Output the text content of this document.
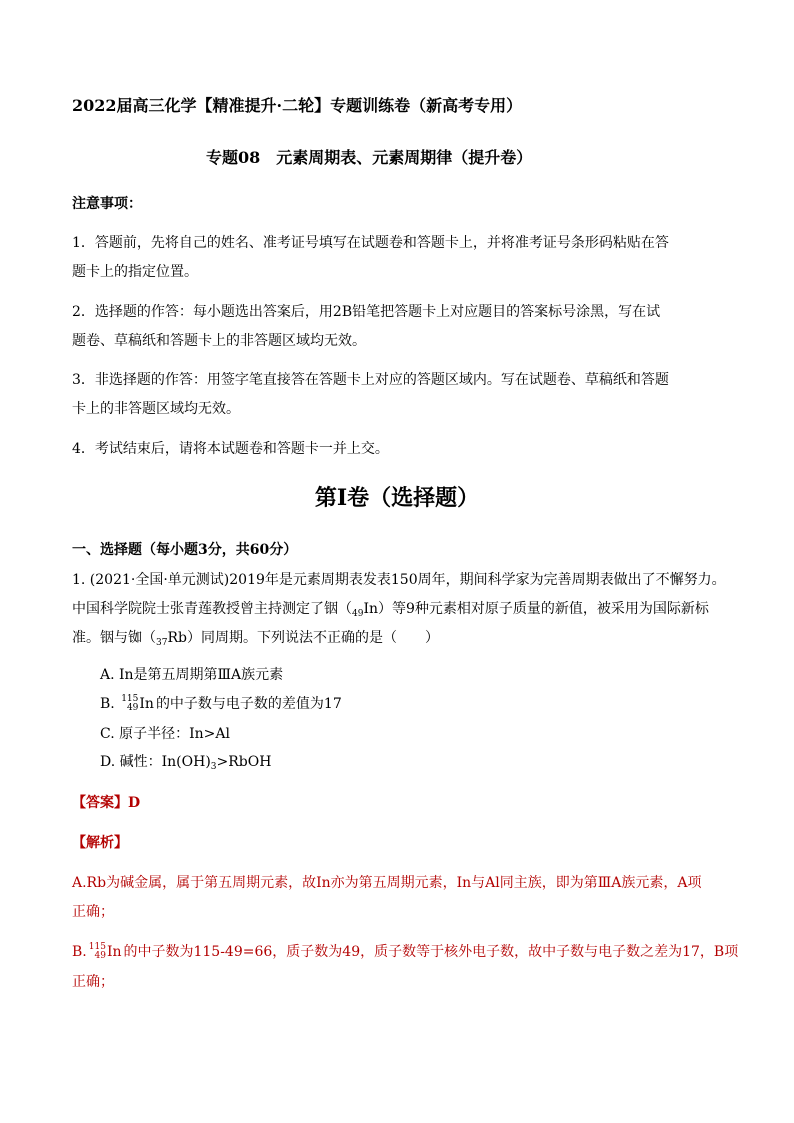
2022届高三化学【精准提升·二轮】专题训练卷（新高考专用）
专题08　元素周期表、元素周期律（提升卷）
注意事项：
1．答题前，先将自己的姓名、准考证号填写在试题卷和答题卡上，并将准考证号条形码粘贴在答
题卡上的指定位置。
2．选择题的作答：每小题选出答案后，用2B铅笔把答题卡上对应题目的答案标号涂黑，写在试
题卷、草稿纸和答题卡上的非答题区域均无效。
3．非选择题的作答：用签字笔直接答在答题卡上对应的答题区域内。写在试题卷、草稿纸和答题
卡上的非答题区域均无效。
4．考试结束后，请将本试题卷和答题卡一并上交。
第Ⅰ卷（选择题）
一、选择题（每小题3分，共60分）
1. (2021·全国·单元测试)2019年是元素周期表发表150周年，期间科学家为完善周期表做出了不懈努力。
中国科学院院士张青莲教授曾主持测定了铟$(_{49}In)$等9种元素相对原子质量的新值，被采用为国际新标
准。铟与铷$(_{37}Rb)$同周期。下列说法不正确的是（　　）
A. In是第五周期第ⅢA族元素
B. 115
49 In 的中子数与电子数的差值为17
C. 原子半径：In>Al
D. 碱性：$In(OH)_3>RbOH$
【答案】D
【解析】
A.Rb为碱金属，属于第五周期元素，故In亦为第五周期元素，In与Al同主族，即为第ⅢA族元素，A项
正确；
B. 115
49 In 的中子数为115-49=66，质子数为49，质子数等于核外电子数，故中子数与电子数之差为17，B项
正确；
